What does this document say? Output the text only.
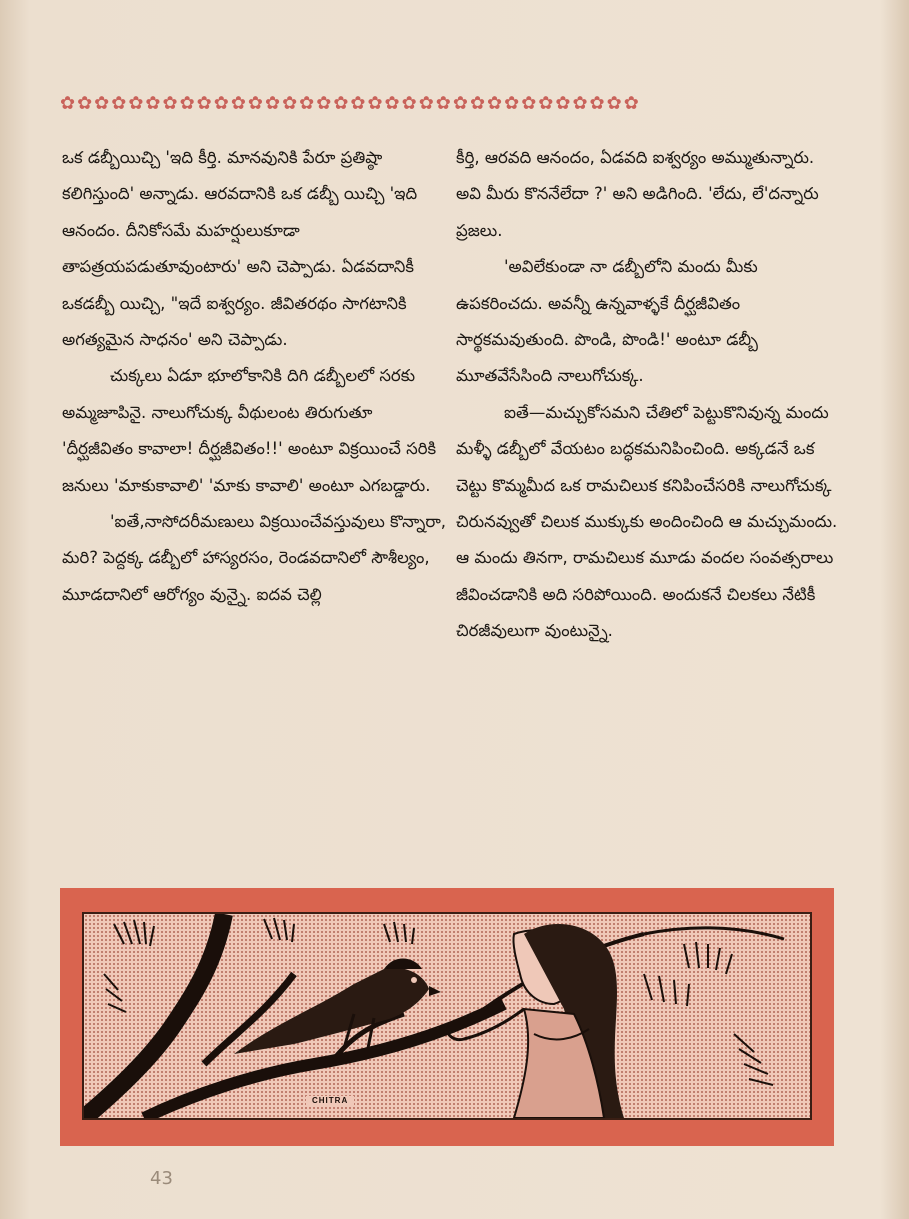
✿✿✿✿✿✿✿✿✿✿✿✿✿✿✿✿✿✿✿✿✿✿✿✿✿✿✿✿✿✿✿✿✿✿

ఒక డబ్బీయిచ్చి 'ఇది కీర్తి. మానవునికి పేరూ ప్రతిష్ఠా కలిగిస్తుంది' అన్నాడు. ఆరవదానికి ఒక డబ్బీ యిచ్చి 'ఇది ఆనందం. దీనికోసమే మహర్షులుకూడా తాపత్రయపడుతూవుంటారు' అని చెప్పాడు. ఏడవదానికీ ఒకడబ్బీ యిచ్చి, "ఇదే ఐశ్వర్యం. జీవితరథం సాగటానికి అగత్యమైన సాధనం' అని చెప్పాడు.

చుక్కలు ఏడూ భూలోకానికి దిగి డబ్బీలలో సరకు అమ్మజూపినై. నాలుగోచుక్క వీథులంట తిరుగుతూ 'దీర్ఘజీవితం కావాలా! దీర్ఘజీవితం!!' అంటూ విక్రయించే సరికి జనులు 'మాకుకావాలి' 'మాకు కావాలి' అంటూ ఎగబడ్డారు.

'ఐతే,నాసోదరీమణులు విక్రయించేవస్తువులు కొన్నారా, మరి? పెద్దక్క డబ్బీలో హాస్యరసం, రెండవదానిలో సౌశీల్యం, మూడదానిలో ఆరోగ్యం వున్నై. ఐదవ చెల్లి

కీర్తి, ఆరవది ఆనందం, ఏడవది ఐశ్వర్యం అమ్ముతున్నారు. అవి మీరు కొననేలేదా ?' అని అడిగింది. 'లేదు, లే'దన్నారు ప్రజలు.

'అవిలేకుండా నా డబ్బీలోని మందు మీకు ఉపకరించదు. అవన్నీ ఉన్నవాళ్ళకే దీర్ఘజీవితం సార్థకమవుతుంది. పొండి, పొండి!' అంటూ డబ్బీ మూతవేసేసింది నాలుగోచుక్క.

ఐతే—మచ్చుకోసమని చేతిలో పెట్టుకొనివున్న మందు మళ్ళీ డబ్బీలో వేయటం బద్ధకమనిపించింది. అక్కడనే ఒక చెట్టు కొమ్మమీద ఒక రామచిలుక కనిపించేసరికి నాలుగోచుక్క చిరునవ్వుతో చిలుక ముక్కుకు అందించింది ఆ మచ్చుమందు. ఆ మందు తినగా, రామచిలుక మూడు వందల సంవత్సరాలు జీవించడానికి అది సరిపోయింది. అందుకనే చిలకలు నేటికీ చిరజీవులుగా వుంటున్నై.

CHITRA
43
